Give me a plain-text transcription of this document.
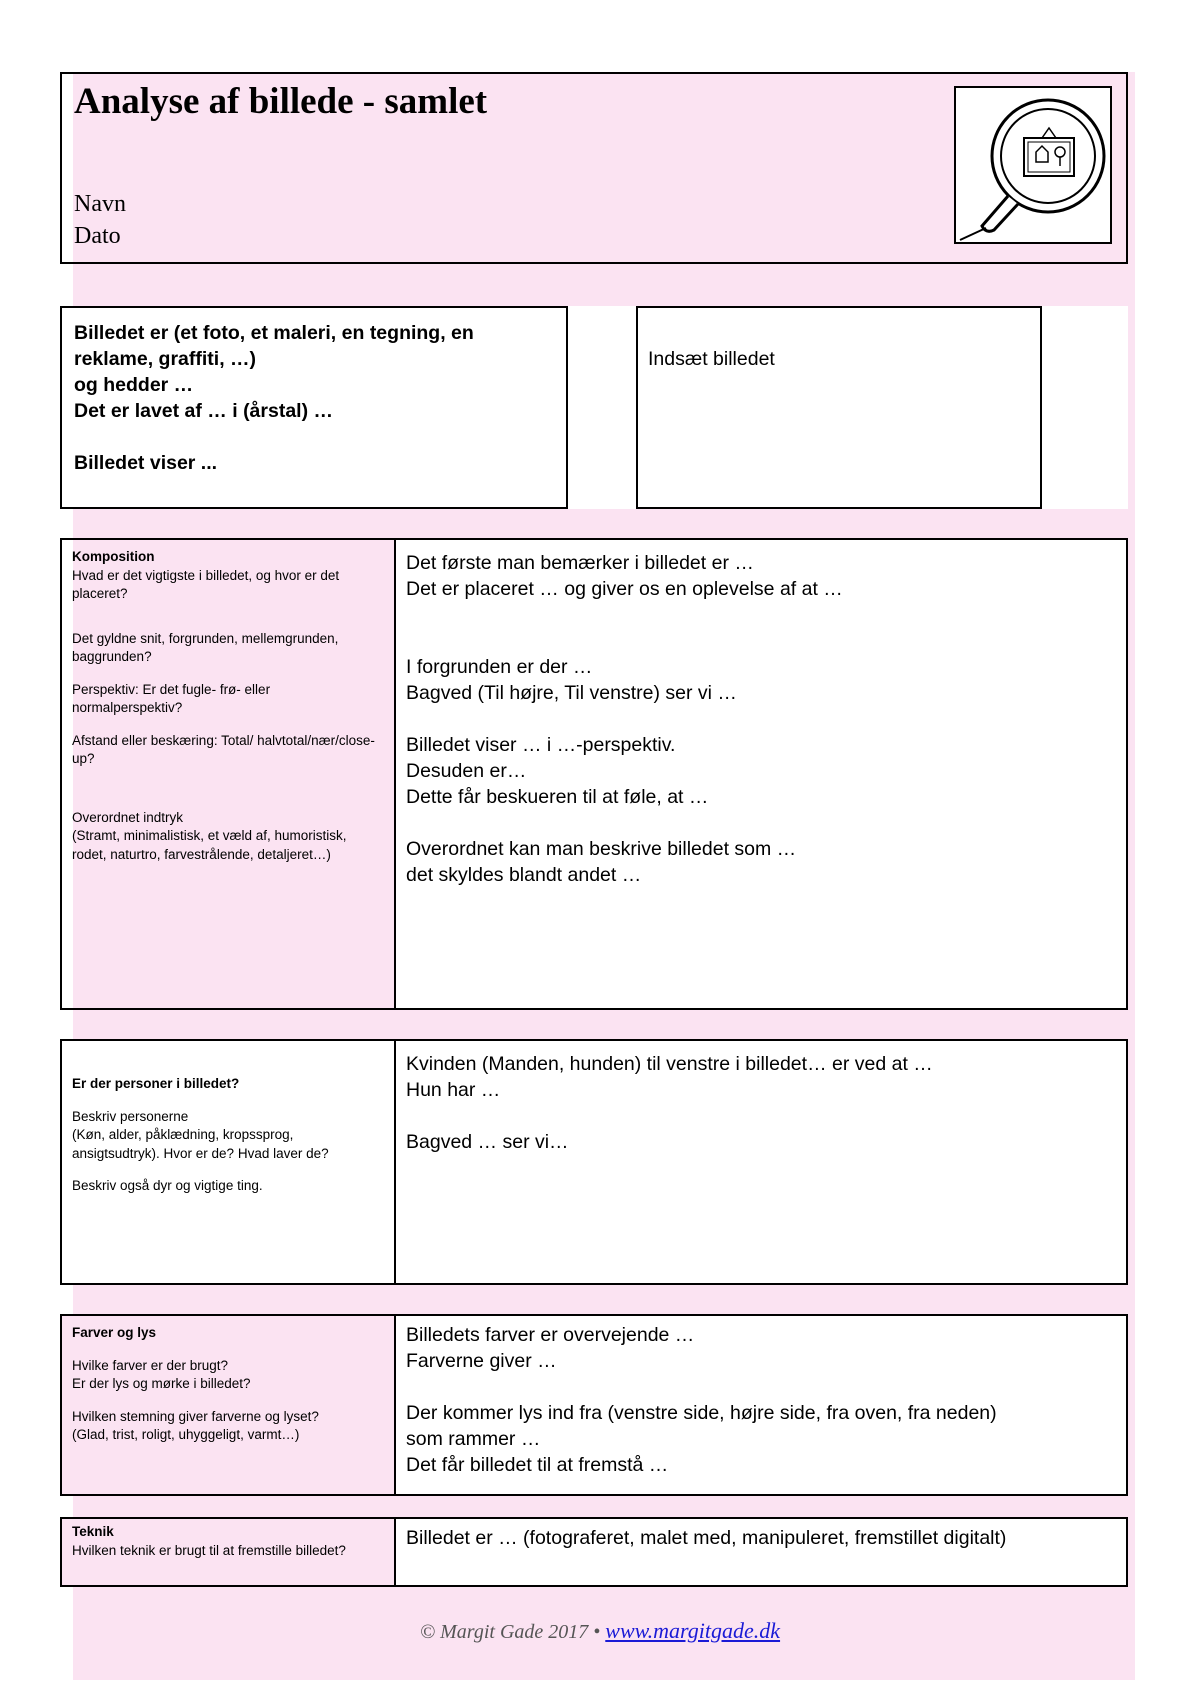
Analyse af billede - samlet
Navn
Dato
Billedet er (et foto, et maleri, en tegning, en
reklame, graffiti, …)
og hedder …
Det er lavet af … i (årstal) …
Billedet viser ...
Indsæt billedet
Komposition
Hvad er det vigtigste i billedet, og hvor er det placeret?
Det gyldne snit, forgrunden, mellemgrunden, baggrunden?
Perspektiv: Er det fugle- frø- eller normalperspektiv?
Afstand eller beskæring: Total/ halvtotal/nær/close-up?
Overordnet indtryk
(Stramt, minimalistisk, et væld af, humoristisk, rodet, naturtro, farvestrålende, detaljeret…)
Det første man bemærker i billedet er …
Det er placeret … og giver os en oplevelse af at …
I forgrunden er der …
Bagved (Til højre, Til venstre) ser vi …
Billedet viser … i …-perspektiv.
Desuden er…
Dette får beskueren til at føle, at …
Overordnet kan man beskrive billedet som …
det skyldes blandt andet …
Er der personer i billedet?
Beskriv personerne
(Køn, alder, påklædning, kropssprog, ansigtsudtryk). Hvor er de? Hvad laver de?
Beskriv også dyr og vigtige ting.
Kvinden (Manden, hunden) til venstre i billedet… er ved at …
Hun har …
Bagved … ser vi…
Farver og lys
Hvilke farver er der brugt?
Er der lys og mørke i billedet?
Hvilken stemning giver farverne og lyset?
(Glad, trist, roligt, uhyggeligt, varmt…)
Billedets farver er overvejende …
Farverne giver …
Der kommer lys ind fra (venstre side, højre side, fra oven, fra neden)
som rammer …
Det får billedet til at fremstå …
Teknik
Hvilken teknik er brugt til at fremstille billedet?
Billedet er … (fotograferet, malet med, manipuleret, fremstillet digitalt)
© Margit Gade 2017 • www.margitgade.dk
